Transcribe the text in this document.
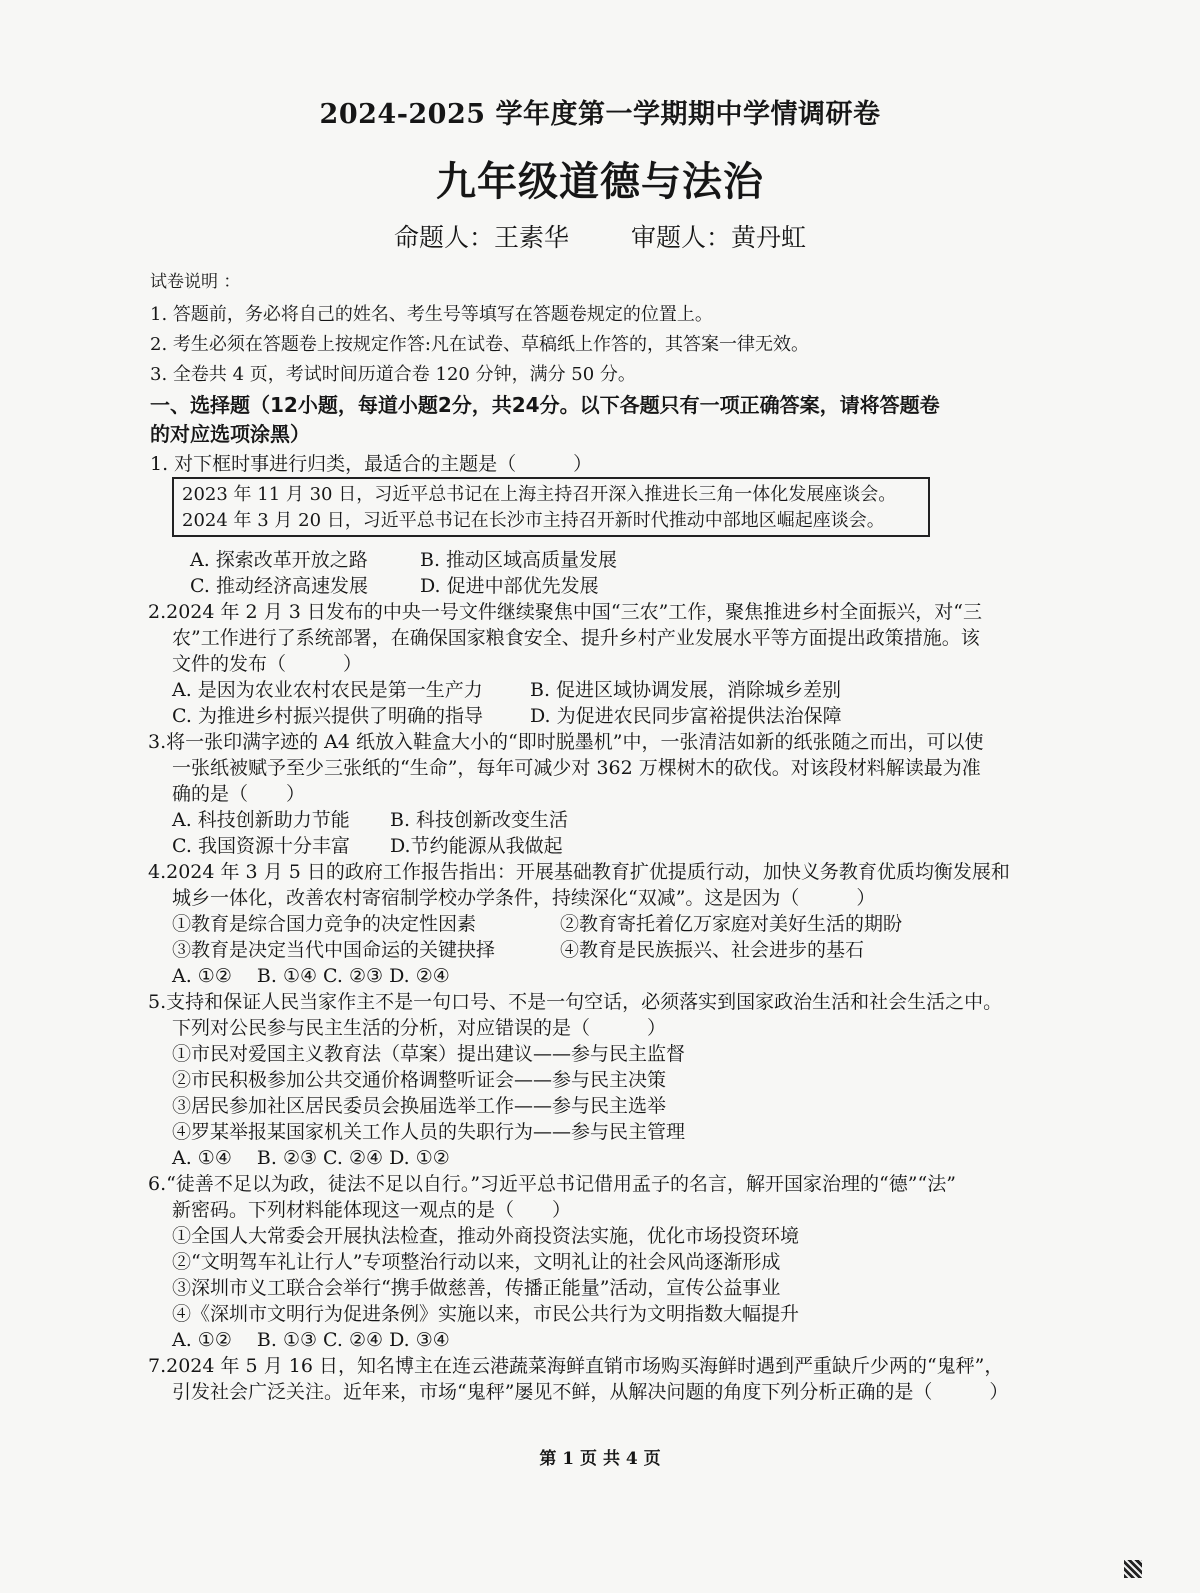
2024-2025 学年度第一学期期中学情调研卷
九年级道德与法治
命题人：王素华 审题人：黄丹虹
试卷说明 ：
1. 答题前，务必将自己的姓名、考生号等填写在答题卷规定的位置上。
2. 考生必须在答题卷上按规定作答:凡在试卷、草稿纸上作答的，其答案一律无效。
3. 全卷共 4 页，考试时间历道合卷 120 分钟，满分 50 分。
一、选择题（12小题，每道小题2分，共24分。以下各题只有一项正确答案，请将答题卷
的对应选项涂黑）
1. 对下框时事进行归类，最适合的主题是（　　　）
2023 年 11 月 30 日，习近平总书记在上海主持召开深入推进长三角一体化发展座谈会。
2024 年 3 月 20 日，习近平总书记在长沙市主持召开新时代推动中部地区崛起座谈会。
A. 探索改革开放之路	B. 推动区域高质量发展
C. 推动经济高速发展	D. 促进中部优先发展
2.2024 年 2 月 3 日发布的中央一号文件继续聚焦中国“三农”工作，聚焦推进乡村全面振兴，对“三
农”工作进行了系统部署，在确保国家粮食安全、提升乡村产业发展水平等方面提出政策措施。该
文件的发布（　　　）
A. 是因为农业农村农民是第一生产力 B. 促进区域协调发展，消除城乡差别
C. 为推进乡村振兴提供了明确的指导 D. 为促进农民同步富裕提供法治保障
3.将一张印满字迹的 A4 纸放入鞋盒大小的“即时脱墨机”中，一张清洁如新的纸张随之而出，可以使
一张纸被赋予至少三张纸的“生命”，每年可减少对 362 万棵树木的砍伐。对该段材料解读最为准
确的是（　　）
A. 科技创新助力节能 B. 科技创新改变生活
C. 我国资源十分丰富 D.节约能源从我做起
4.2024 年 3 月 5 日的政府工作报告指出：开展基础教育扩优提质行动，加快义务教育优质均衡发展和
城乡一体化，改善农村寄宿制学校办学条件，持续深化“双减”。这是因为（　　　）
①教育是综合国力竞争的决定性因素	②教育寄托着亿万家庭对美好生活的期盼
③教育是决定当代中国命运的关键抉择	④教育是民族振兴、社会进步的基石
A. ①②　 B. ①④ C. ②③ D. ②④
5.支持和保证人民当家作主不是一句口号、不是一句空话，必须落实到国家政治生活和社会生活之中。
下列对公民参与民主生活的分析，对应错误的是（　　　）
①市民对爱国主义教育法（草案）提出建议——参与民主监督
②市民积极参加公共交通价格调整听证会——参与民主决策
③居民参加社区居民委员会换届选举工作——参与民主选举
④罗某举报某国家机关工作人员的失职行为——参与民主管理
A. ①④　 B. ②③ C. ②④ D. ①②
6.“徒善不足以为政，徒法不足以自行。”习近平总书记借用孟子的名言，解开国家治理的“德”“法”
新密码。下列材料能体现这一观点的是（　　）
①全国人大常委会开展执法检查，推动外商投资法实施，优化市场投资环境
②“文明驾车礼让行人”专项整治行动以来，文明礼让的社会风尚逐渐形成
③深圳市义工联合会举行“携手做慈善，传播正能量”活动，宣传公益事业
④《深圳市文明行为促进条例》实施以来，市民公共行为文明指数大幅提升
A. ①②　 B. ①③ C. ②④ D. ③④
7.2024 年 5 月 16 日，知名博主在连云港蔬菜海鲜直销市场购买海鲜时遇到严重缺斤少两的“鬼秤”，
引发社会广泛关注。近年来，市场“鬼秤”屡见不鲜，从解决问题的角度下列分析正确的是（　　　）
第 1 页 共 4 页
